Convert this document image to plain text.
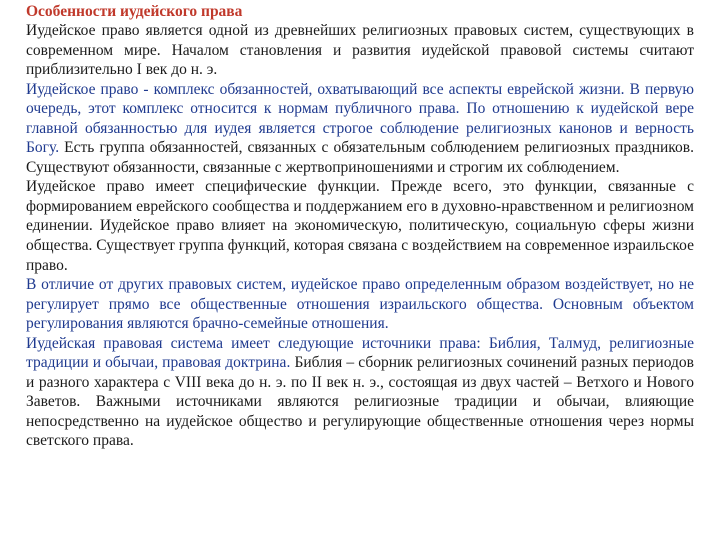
Особенности иудейского права

Иудейское право является одной из древнейших религиозных правовых систем, существующих в современном мире. Началом становления и развития иудейской правовой системы считают приблизительно I век до н. э.

Иудейское право - комплекс обязанностей, охватывающий все аспекты еврейской жизни. В первую очередь, этот комплекс относится к нормам публичного права. По отношению к иудейской вере главной обязанностью для иудея является строгое соблюдение религиозных канонов и верность Богу. Есть группа обязанностей, связанных с обязательным соблюдением религиозных праздников. Существуют обязанности, связанные с жертвоприношениями и строгим их соблюдением.

Иудейское право имеет специфические функции. Прежде всего, это функции, связанные с формированием еврейского сообщества и поддержанием его в духовно-нравственном и религиозном единении. Иудейское право влияет на экономическую, политическую, социальную сферы жизни общества. Существует группа функций, которая связана с воздействием на современное израильское право.

В отличие от других правовых систем, иудейское право определенным образом воздействует, но не регулирует прямо все общественные отношения израильского общества. Основным объектом регулирования являются брачно-семейные отношения.

Иудейская правовая система имеет следующие источники права: Библия, Талмуд, религиозные традиции и обычаи, правовая доктрина. Библия – сборник религиозных сочинений разных периодов и разного характера с VIII века до н. э. по II век н. э., состоящая из двух частей – Ветхого и Нового Заветов. Важными источниками являются религиозные традиции и обычаи, влияющие непосредственно на иудейское общество и регулирующие общественные отношения через нормы светского права.
